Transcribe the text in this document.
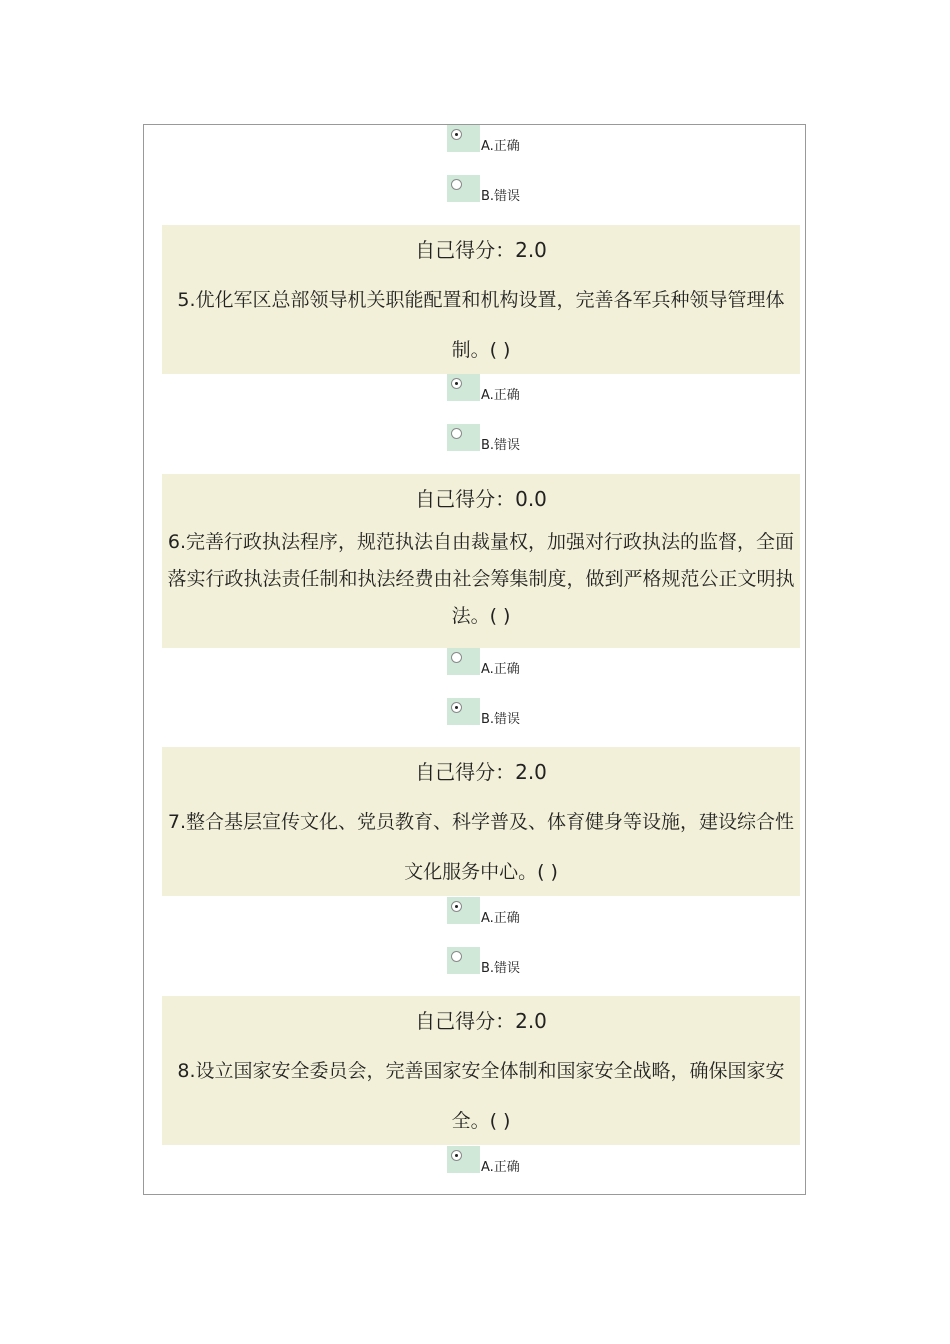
A.正确
B.错误
自己得分：2.0
5.优化军区总部领导机关职能配置和机构设置，完善各军兵种领导管理体制。( )
A.正确
B.错误
自己得分：0.0
6.完善行政执法程序，规范执法自由裁量权，加强对行政执法的监督，全面落实行政执法责任制和执法经费由社会筹集制度，做到严格规范公正文明执法。( )
A.正确
B.错误
自己得分：2.0
7.整合基层宣传文化、党员教育、科学普及、体育健身等设施，建设综合性文化服务中心。( )
A.正确
B.错误
自己得分：2.0
8.设立国家安全委员会，完善国家安全体制和国家安全战略，确保国家安全。( )
A.正确
